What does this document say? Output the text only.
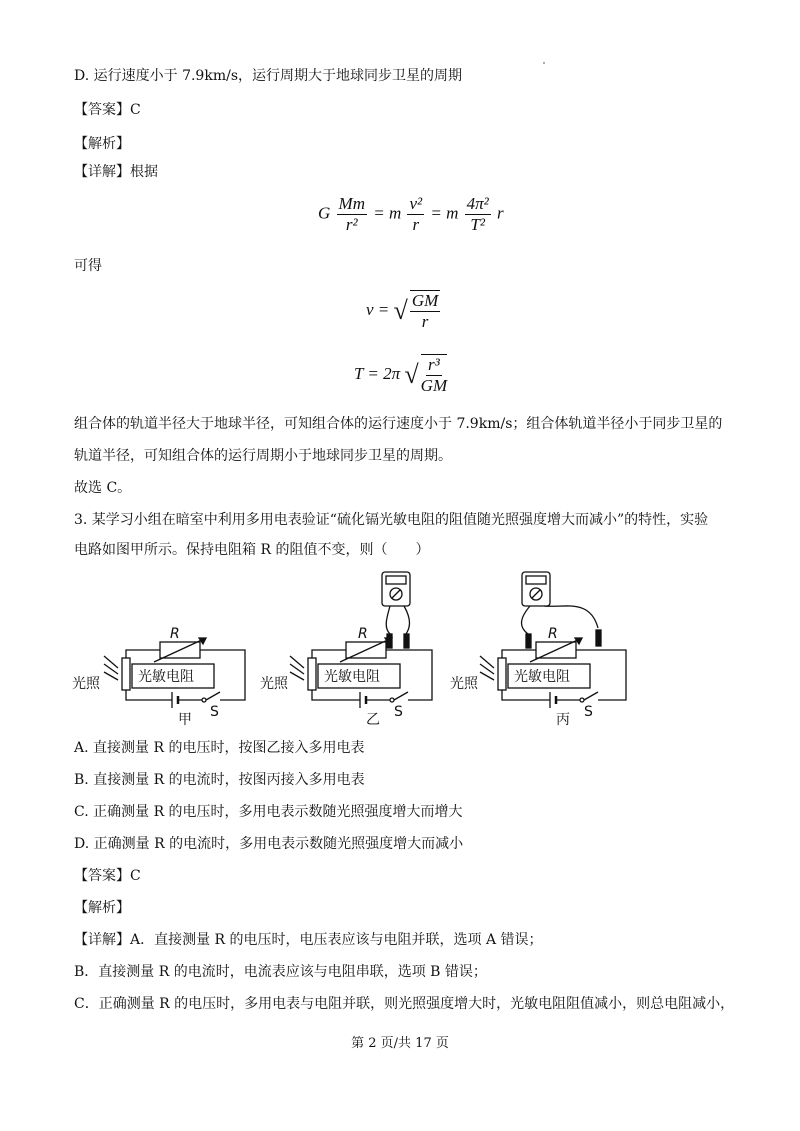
D. 运行速度小于 7.9km/s，运行周期大于地球同步卫星的周期
【答案】C
【解析】
【详解】根据
G $\frac{Mm}{\text{r²}} = m \frac{\text{v²}}{r} = m \frac{\text{4π²}}{\text{T²}}$ r
可得
v = √ $\frac{GM}{r}$
T = 2π √ $\frac{\text{r³}}{GM}$
组合体的轨道半径大于地球半径，可知组合体的运行速度小于 7.9km/s；组合体轨道半径小于同步卫星的
轨道半径，可知组合体的运行周期小于地球同步卫星的周期。
故选 C。
3. 某学习小组在暗室中利用多用电表验证“硫化镉光敏电阻的阻值随光照强度增大而减小”的特性，实验
电路如图甲所示。保持电阻箱 R 的阻值不变，则（　　）
R
光敏电阻
光照
S
甲
R
光敏电阻
光照
S
乙
R
光敏电阻
光照
S
丙
A. 直接测量 R 的电压时，按图乙接入多用电表
B. 直接测量 R 的电流时，按图丙接入多用电表
C. 正确测量 R 的电压时，多用电表示数随光照强度增大而增大
D. 正确测量 R 的电流时，多用电表示数随光照强度增大而减小
【答案】C
【解析】
【详解】A．直接测量 R 的电压时，电压表应该与电阻并联，选项 A 错误；
B．直接测量 R 的电流时，电流表应该与电阻串联，选项 B 错误；
C．正确测量 R 的电压时，多用电表与电阻并联，则光照强度增大时，光敏电阻阻值减小，则总电阻减小，
第 2 页/共 17 页
